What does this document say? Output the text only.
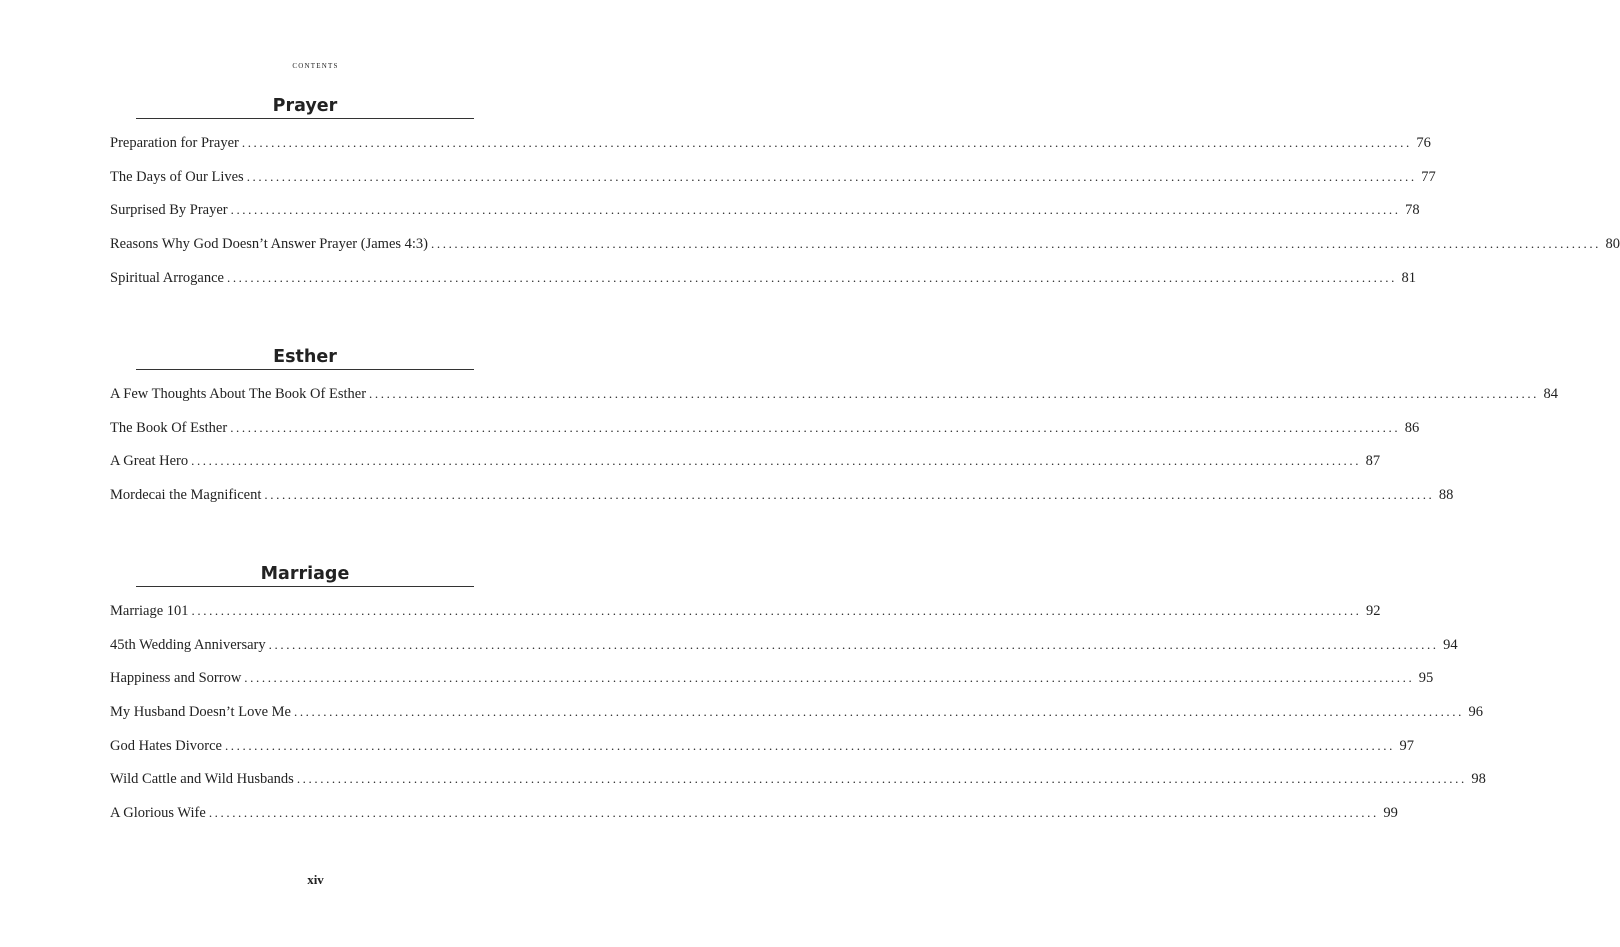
contents
Prayer
Preparation for Prayer ........................................................................................................................................................................................................ 76
The Days of Our Lives ........................................................................................................................................................................................................ 77
Surprised By Prayer ........................................................................................................................................................................................................ 78
Reasons Why God Doesn’t Answer Prayer (James 4:3) ........................................................................................................................................................................................................ 80
Spiritual Arrogance ........................................................................................................................................................................................................ 81
Esther
A Few Thoughts About The Book Of Esther ........................................................................................................................................................................................................ 84
The Book Of Esther ........................................................................................................................................................................................................ 86
A Great Hero ........................................................................................................................................................................................................ 87
Mordecai the Magnificent ........................................................................................................................................................................................................ 88
Marriage
Marriage 101 ........................................................................................................................................................................................................ 92
45th Wedding Anniversary ........................................................................................................................................................................................................ 94
Happiness and Sorrow ........................................................................................................................................................................................................ 95
My Husband Doesn’t Love Me ........................................................................................................................................................................................................ 96
God Hates Divorce ........................................................................................................................................................................................................ 97
Wild Cattle and Wild Husbands ........................................................................................................................................................................................................ 98
A Glorious Wife ........................................................................................................................................................................................................ 99
xiv
